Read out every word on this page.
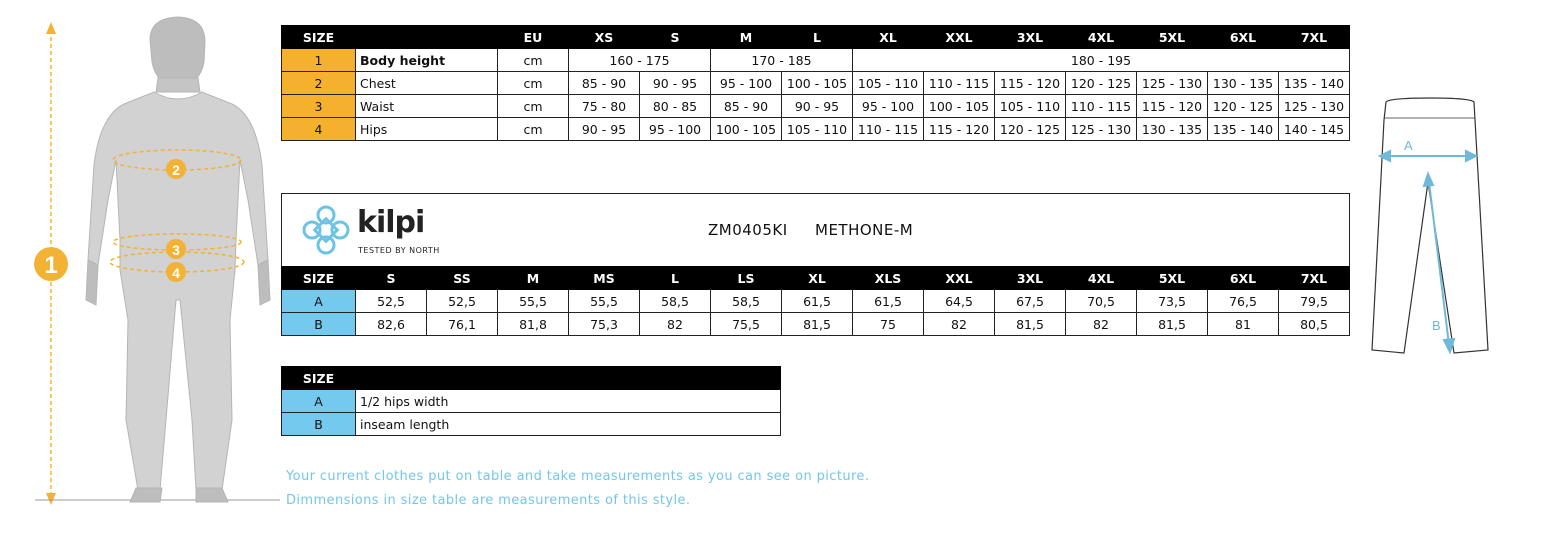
1
2
3
4
SIZE		EU	XS	S	M	L	XL	XXL	3XL	4XL	5XL	6XL	7XL
1	Body height	cm	160 - 175		170 - 185		180 - 195						
2	Chest	cm	85 - 90	90 - 95	95 - 100	100 - 105	105 - 110	110 - 115	115 - 120	120 - 125	125 - 130	130 - 135	135 - 140
3	Waist	cm	75 - 80	80 - 85	85 - 90	90 - 95	95 - 100	100 - 105	105 - 110	110 - 115	115 - 120	120 - 125	125 - 130
4	Hips	cm	90 - 95	95 - 100	100 - 105	105 - 110	110 - 115	115 - 120	120 - 125	125 - 130	130 - 135	135 - 140	140 - 145
kilpi
TESTED BY NORTH
ZM0405KI METHONE-M
SIZE	S	SS	M	MS	L	LS	XL	XLS	XXL	3XL	4XL	5XL	6XL	7XL
A	52,5	52,5	55,5	55,5	58,5	58,5	61,5	61,5	64,5	67,5	70,5	73,5	76,5	79,5
B	82,6	76,1	81,8	75,3	82	75,5	81,5	75	82	81,5	82	81,5	81	80,5
SIZE	
A	1/2 hips width
B	inseam length
Your current clothes put on table and take measurements as you can see on picture.
Dimmensions in size table are measurements of this style.
A
B
